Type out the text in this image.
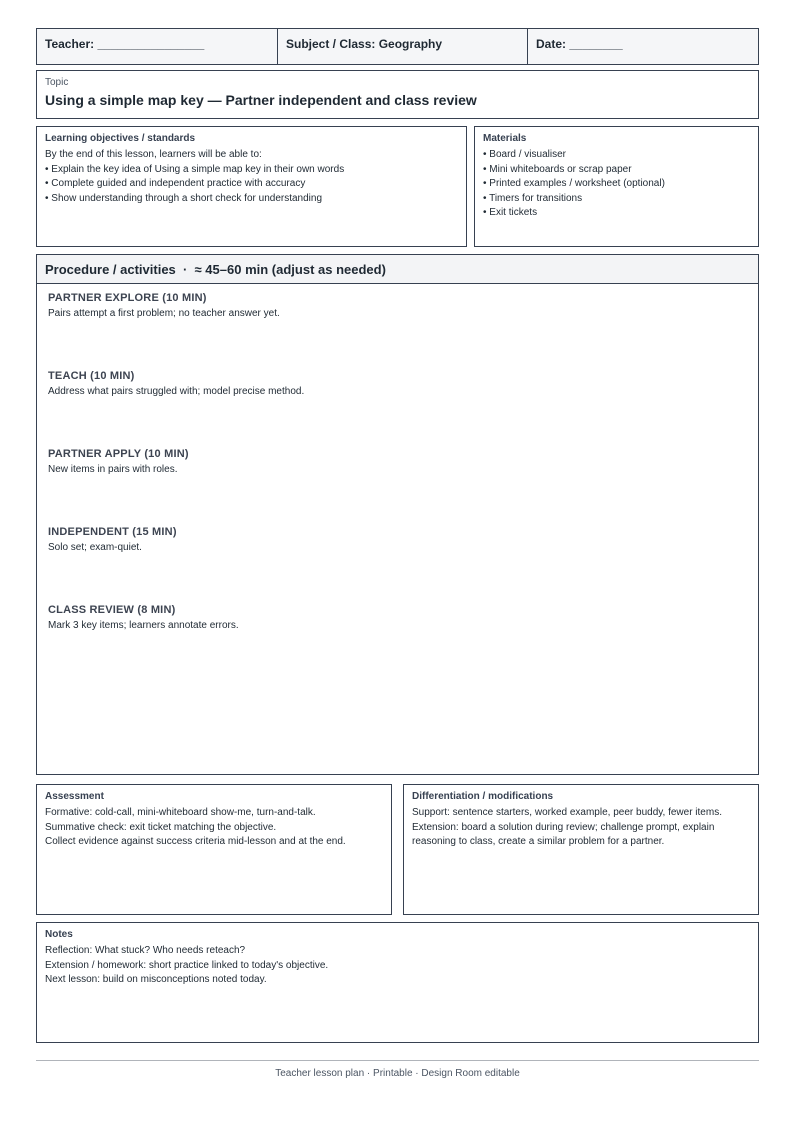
Teacher: ________________	Subject / Class: Geography	Date: ________
Topic
Using a simple map key — Partner independent and class review
Learning objectives / standards
By the end of this lesson, learners will be able to:
• Explain the key idea of Using a simple map key in their own words
• Complete guided and independent practice with accuracy
• Show understanding through a short check for understanding
Materials
• Board / visualiser
• Mini whiteboards or scrap paper
• Printed examples / worksheet (optional)
• Timers for transitions
• Exit tickets
Procedure / activities  ·  ≈ 45–60 min (adjust as needed)
PARTNER EXPLORE (10 MIN)
Pairs attempt a first problem; no teacher answer yet.
TEACH (10 MIN)
Address what pairs struggled with; model precise method.
PARTNER APPLY (10 MIN)
New items in pairs with roles.
INDEPENDENT (15 MIN)
Solo set; exam-quiet.
CLASS REVIEW (8 MIN)
Mark 3 key items; learners annotate errors.
Assessment
Formative: cold-call, mini-whiteboard show-me, turn-and-talk.
Summative check: exit ticket matching the objective.
Collect evidence against success criteria mid-lesson and at the end.
Differentiation / modifications
Support: sentence starters, worked example, peer buddy, fewer items.
Extension: board a solution during review; challenge prompt, explain
reasoning to class, create a similar problem for a partner.
Notes
Reflection: What stuck? Who needs reteach?
Extension / homework: short practice linked to today's objective.
Next lesson: build on misconceptions noted today.
Teacher lesson plan · Printable · Design Room editable
